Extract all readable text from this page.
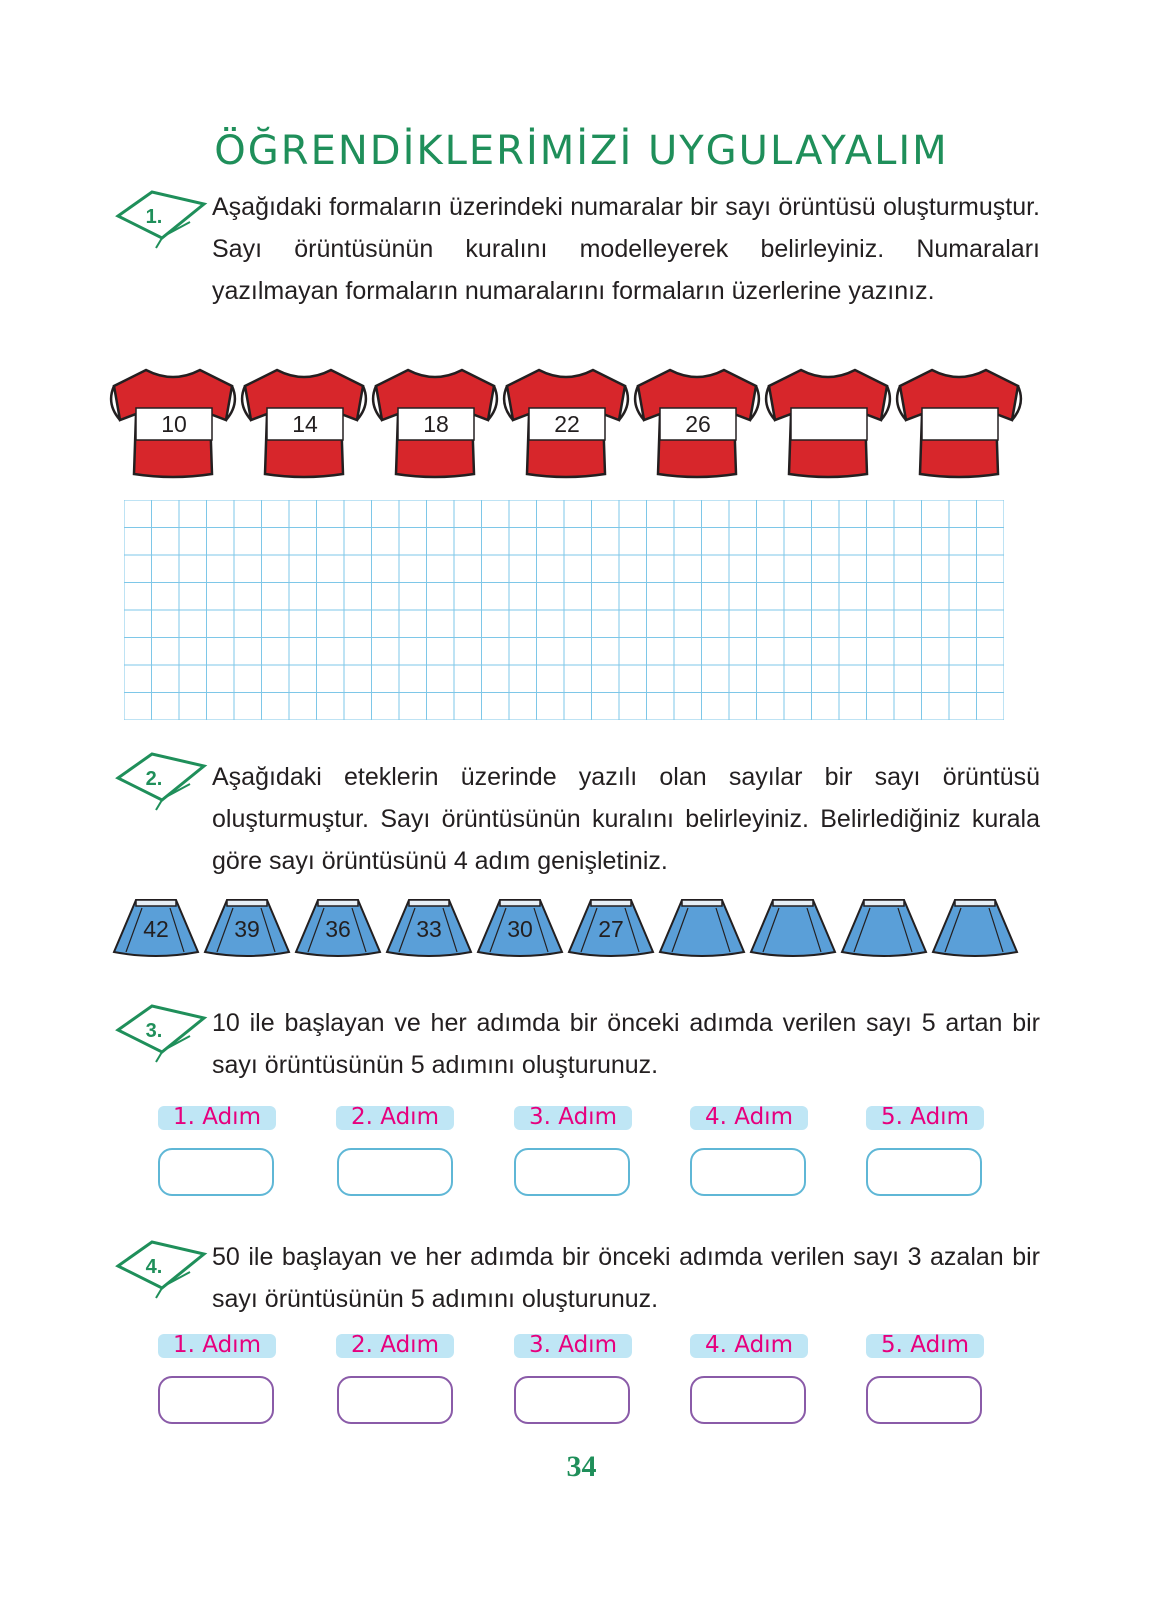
ÖĞRENDİKLERİMİZİ UYGULAYALIM
1. Aşağıdaki formaların üzerindeki numaralar bir sayı örüntüsü oluşturmuştur. Sayı örüntüsünün kuralını modelleyerek belirleyiniz. Numaraları yazılmayan formaların numaralarını formaların üzerlerine yazınız.
10	14	18	22	26
2. Aşağıdaki eteklerin üzerinde yazılı olan sayılar bir sayı örüntüsü oluşturmuştur. Sayı örüntüsünün kuralını belirleyiniz. Belirlediğiniz kurala göre sayı örüntüsünü 4 adım genişletiniz.
42	39	36	33	30	27
3. 10 ile başlayan ve her adımda bir önceki adımda verilen sayı 5 artan bir sayı örüntüsünün 5 adımını oluşturunuz.
1. Adım	2. Adım	3. Adım	4. Adım	5. Adım
4. 50 ile başlayan ve her adımda bir önceki adımda verilen sayı 3 azalan bir sayı örüntüsünün 5 adımını oluşturunuz.
1. Adım	2. Adım	3. Adım	4. Adım	5. Adım
34
